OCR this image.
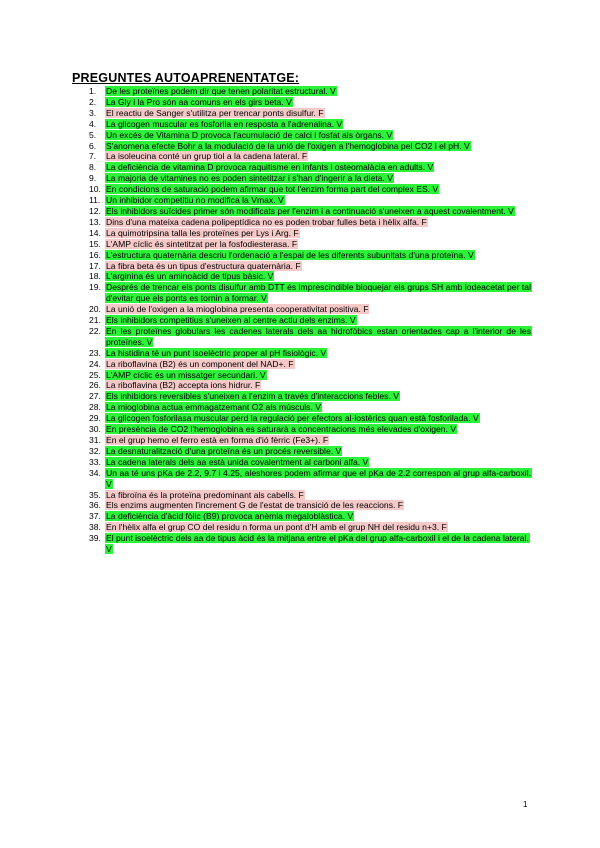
PREGUNTES AUTOAPRENENTATGE:
1. De les proteïnes podem dir que tenen polaritat estructural. V
2. La Gly i la Pro són aa comuns en els girs beta. V
3. El reactiu de Sanger s'utilitza per trencar ponts disulfur. F
4. La glicogen muscular es fosforila en resposta a l'adrenalina. V
5. Un excés de Vitamina D provoca l'acumulació de calci i fosfat als òrgans. V
6. S'anomena efecte Bohr a la modulació de la unió de l'oxigen a l'hemoglobina pel CO2 i el pH. V
7. La isoleucina conté un grup tiol a la cadena lateral. F
8. La deficiència de vitamina D provoca raquitisme en infants i osteomalàcia en adults. V
9. La majoria de vitamines no es poden sintetitzar i s'han d'ingerir a la dieta. V
10. En condicions de saturació podem afirmar que tot l'enzim forma part del complex ES. V
11. Un inhibidor competitiu no modifica la Vmax. V
12. Els inhibidors suïcides primer són modificats per l'enzim i a continuació s'uneixen a aquest covalentment. V
13. Dins d'una mateixa cadena polipeptídica no es poden trobar fulles beta i hèlix alfa. F
14. La quimotripsina talla les proteïnes per Lys i Arg. F
15. L'AMP cíclic és sintetitzat per la fosfodiesterasa. F
16. L'estructura quaternària descriu l'ordenació a l'espai de les diferents subunitats d'una proteïna. V
17. La fibra beta és un tipus d'estructura quaternària. F
18. L'arginina és un aminoàcid de tipus bàsic. V
19. Després de trencar els ponts disulfur amb DTT és imprescindible bloquejar els grups SH amb iodeacetat per tal d'evitar que els ponts es tornin a formar. V
20. La unió de l'oxigen a la mioglobina presenta cooperativitat positiva. F
21. Els inhibidors competitius s'uneixen al centre actiu dels enzims. V
22. En les proteïnes globulars les cadenes laterals dels aa hidrofòbics estan orientades cap a l'interior de les proteïnes. V
23. La histidina té un punt isoelèctric proper al pH fisiològic. V
24. La riboflavina (B2) és un component del NAD+. F
25. L'AMP cíclic és un missatger secundari. V
26. La riboflavina (B2) accepta ions hidrur. F
27. Els inhibidors reversibles s'uneixen a l'enzim a través d'interaccions febles. V
28. La mioglobina actua emmagatzemant O2 als músculs. V
29. La glicogen fosforilasa muscular perd la regulació per efectors al·lostèrics quan està fosforilada. V
30. En presència de CO2 l'hemoglobina es saturarà a concentracions més elevades d'oxigen. V
31. En el grup hemo el ferro està en forma d'ió fèrric (Fe3+). F
32. La desnaturalització d'una proteïna és un procés reversible. V
33. La cadena laterals dels aa està unida covalentment al carboni alfa. V
34. Un aa té uns pKa de 2.2, 9.7 i 4.25, aleshores podem afirmar que el pKa de 2.2 correspon al grup alfa-carboxil. V
35. La fibroïna és la proteïna predominant als cabells. F
36. Els enzims augmenten l'increment G de l'estat de transició de les reaccions. F
37. La deficiència d'àcid fòlic (B9) provoca anèmia megaloblàstica. V
38. En l'hèlix alfa el grup CO del residu n forma un pont d'H amb el grup NH del residu n+3. F
39. El punt isoelèctric dels aa de tipus àcid és la mitjana entre el pKa del grup alfa-carboxil i el de la cadena lateral. V
1
